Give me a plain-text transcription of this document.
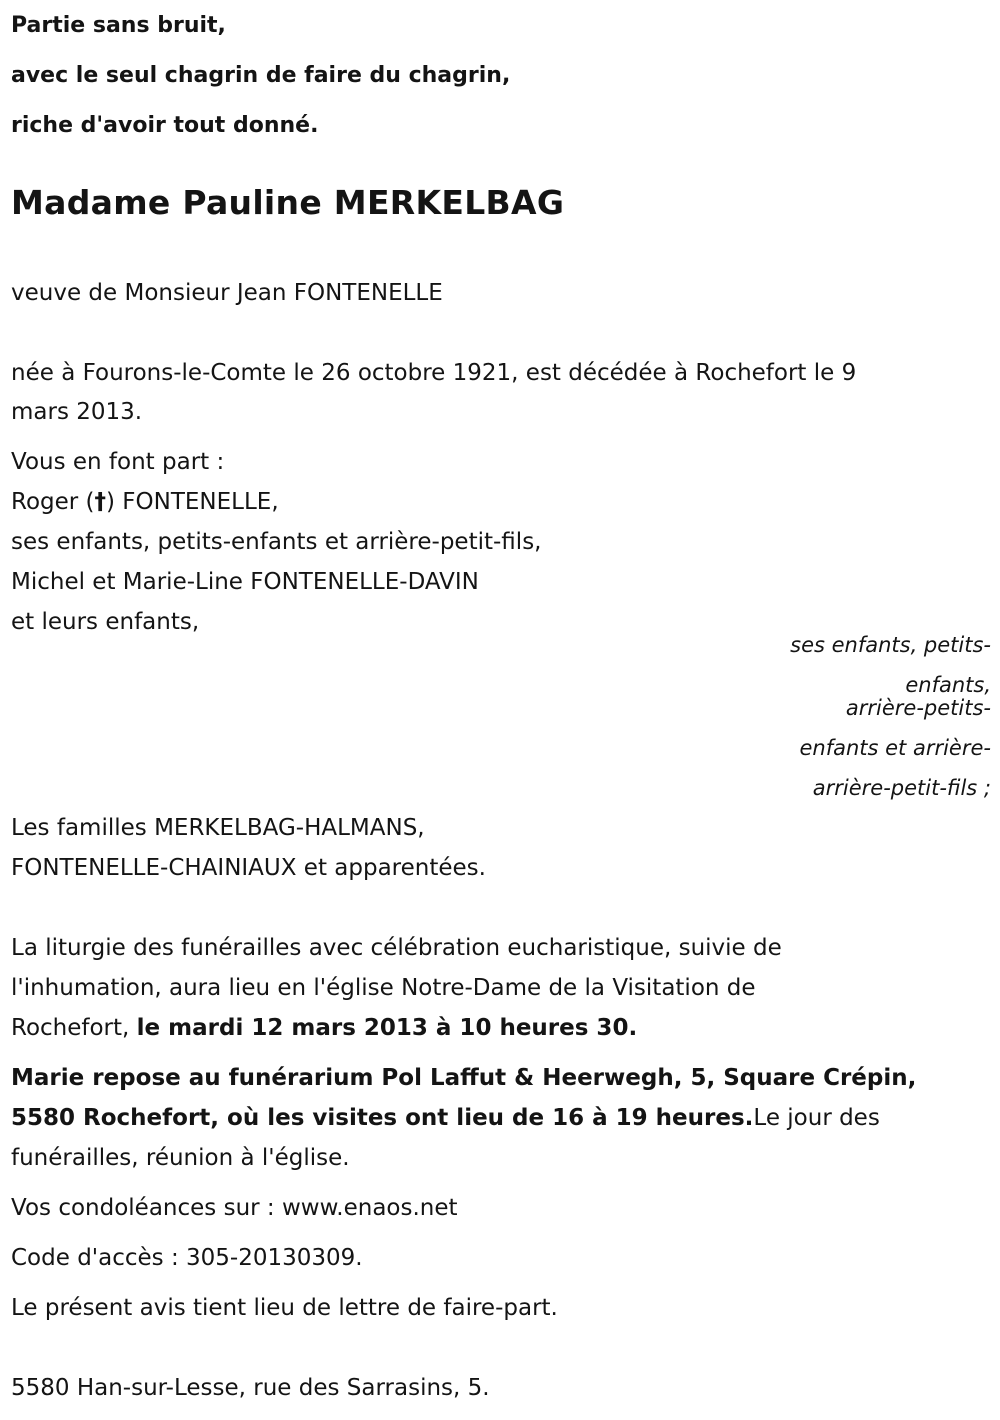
Partie sans bruit,
avec le seul chagrin de faire du chagrin,
riche d'avoir tout donné.
Madame Pauline MERKELBAG
veuve de Monsieur Jean FONTENELLE
née à Fourons-le-Comte le 26 octobre 1921, est décédée à Rochefort le 9
mars 2013.
Vous en font part :
Roger (†) FONTENELLE,
ses enfants, petits-enfants et arrière-petit-fils,
Michel et Marie-Line FONTENELLE-DAVIN
et leurs enfants,
ses enfants, petits-
enfants,
arrière-petits-
enfants et arrière-
arrière-petit-fils ;
Les familles MERKELBAG-HALMANS,
FONTENELLE-CHAINIAUX et apparentées.
La liturgie des funérailles avec célébration eucharistique, suivie de
l'inhumation, aura lieu en l'église Notre-Dame de la Visitation de
Rochefort, le mardi 12 mars 2013 à 10 heures 30.
Marie repose au funérarium Pol Laffut & Heerwegh, 5, Square Crépin,
5580 Rochefort, où les visites ont lieu de 16 à 19 heures.Le jour des
funérailles, réunion à l'église.
Vos condoléances sur : www.enaos.net
Code d'accès : 305-20130309.
Le présent avis tient lieu de lettre de faire-part.
5580 Han-sur-Lesse, rue des Sarrasins, 5.
